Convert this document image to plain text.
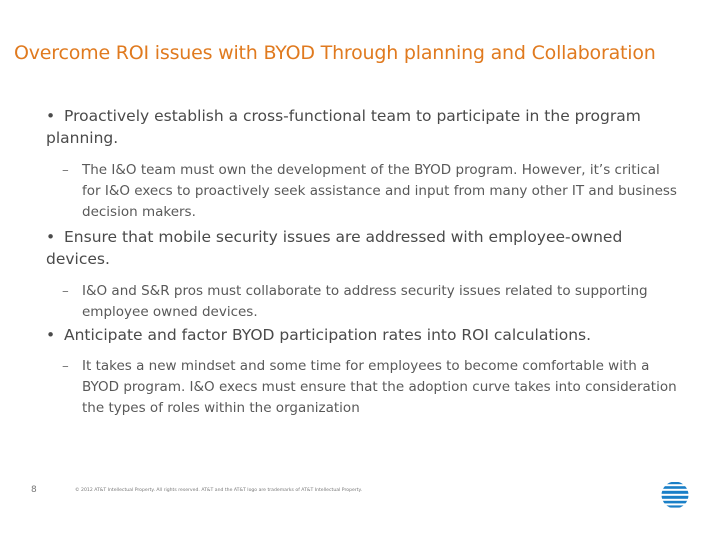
Overcome ROI issues with BYOD Through planning and Collaboration
• Proactively establish a cross-functional team to participate in the program planning.
– The I&O team must own the development of the BYOD program. However, it’s critical for I&O execs to proactively seek assistance and input from many other IT and business decision makers.
• Ensure that mobile security issues are addressed with employee-owned devices.
– I&O and S&R pros must collaborate to address security issues related to supporting employee owned devices.
• Anticipate and factor BYOD participation rates into ROI calculations.
– It takes a new mindset and some time for employees to become comfortable with a BYOD program. I&O execs must ensure that the adoption curve takes into consideration the types of roles within the organization
8	© 2012 AT&T Intellectual Property. All rights reserved. AT&T and the AT&T logo are trademarks of AT&T Intellectual Property.
